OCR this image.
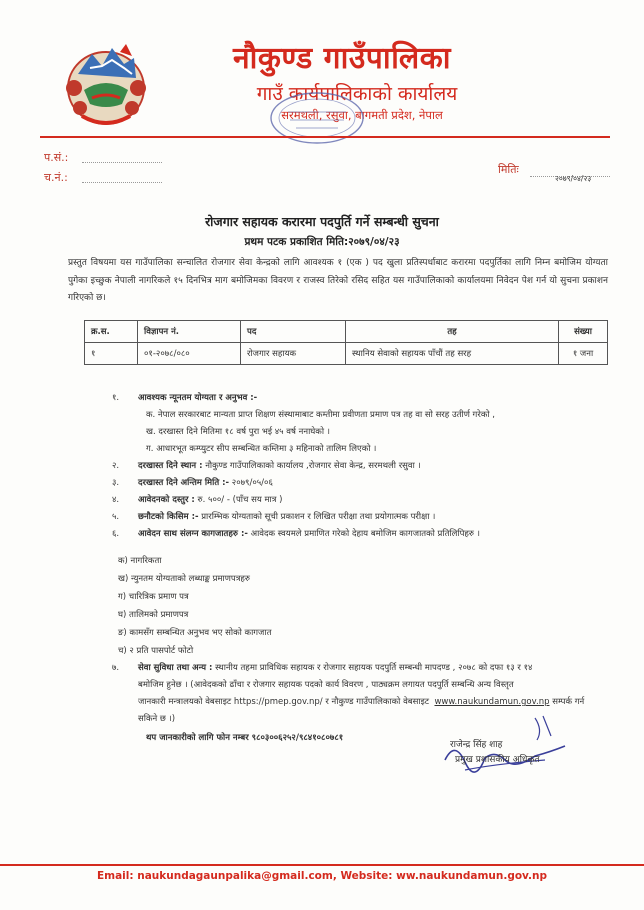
नौकुण्ड गाउँपालिका
गाउँ कार्यपालिकाको कार्यालय
सरमथली, रसुवा, बागमती प्रदेश, नेपाल
प.सं.:
च.नं.:
मितिः
२०७९/०४/२३
रोजगार सहायक करारमा पदपुर्ति गर्ने सम्बन्धी सुचना
प्रथम पटक प्रकाशित मिति:२०७९/०४/२३
प्रस्तुत विषयमा यस गाउँपालिका सन्चालित रोजगार सेवा केन्द्रको लागि आवश्यक १ (एक ) पद खुला प्रतिस्पर्धाबाट करारमा पदपुर्तिका लागि निम्न बमोजिम योग्यता पुगेका इच्छुक नेपाली नागरिकले १५ दिनभित्र माग बमोजिमका विवरण र राजस्व तिरेको रसिद सहित यस गाउँपालिकाको कार्यालयमा निवेदन पेश गर्न यो सुचना प्रकाशन गरिएको छ।
क्र.स.	विज्ञापन नं.	पद	तह	संख्या
१	०१-२०७८/०८०	रोजगार सहायक	स्थानिय सेवाको सहायक पाँचौं तह सरह	१ जना
१. आवश्यक न्यूनतम योग्यता र अनुभव :-
क. नेपाल सरकारबाट मान्यता प्राप्त शिक्षण संस्थामाबाट कम्तीमा प्रवीणता प्रमाण पत्र तह वा सो सरह उतीर्ण गरेको ,
ख. दरखास्त दिने मितिमा १८ वर्ष पुरा भई ४५ वर्ष ननाघेको ।
ग. आधारभूत कम्प्युटर सीप सम्बन्धित कम्तिमा ३ महिनाको तालिम लिएको ।
२. दरखास्त दिने स्थान : नौकुण्ड गाउँपालिकाको कार्यालय ,रोजगार सेवा केन्द्र, सरमथली रसुवा ।
३. दरखास्त दिने अन्तिम मिति :- २०७९/०५/०६
४. आवेदनको दस्तुर : रु. ५००/ - (पाँच सय मात्र )
५. छनौटको किसिम :- प्रारम्भिक योग्यताको सूची प्रकाशन र लिखित परीक्षा तथा प्रयोगात्मक परीक्षा ।
६. आवेदन साथ संलग्न कागजातहरु :- आवेदक स्वयमले प्रमाणित गरेको देहाय बमोजिम कागजातको प्रतिलिपिहरु ।
क) नागरिकता
ख) न्युनतम योग्यताको लब्धाङ्क प्रमाणपत्रहरु
ग) चारित्रिक प्रमाण पत्र
घ) तालिमको प्रमाणपत्र
ङ) कामसँग सम्बन्धित अनुभव भए सोको कागजात
च) २ प्रति पासपोर्ट फोटो
७. सेवा सुविधा तथा अन्य : स्थानीय तहमा प्राविधिक सहायक र रोजगार सहायक पदपुर्ति सम्बन्धी मापदण्ड , २०७८ को दफा १३ र १४
बमोजिम हुनेछ । (आवेदकको ढाँचा र रोजगार सहायक पदको कार्य विवरण , पाठ्यक्रम लगायत पदपुर्ति सम्बन्धि अन्य विस्तृत
जानकारी मन्त्रालयको वेबसाइट https://pmep.gov.np/ र नौकुण्ड गाउँपालिकाको वेबसाइट www.naukundamun.gov.np सम्पर्क गर्न
सकिने छ ।)
थप जानकारीको लागि फोन नम्बर ९८०३००६२५२/९८४१०८०७८१
राजेन्द्र सिंह शाह
प्रमुख प्रशासकीय अधिकृत
Email: naukundagaunpalika@gmail.com, Website: ww.naukundamun.gov.np
